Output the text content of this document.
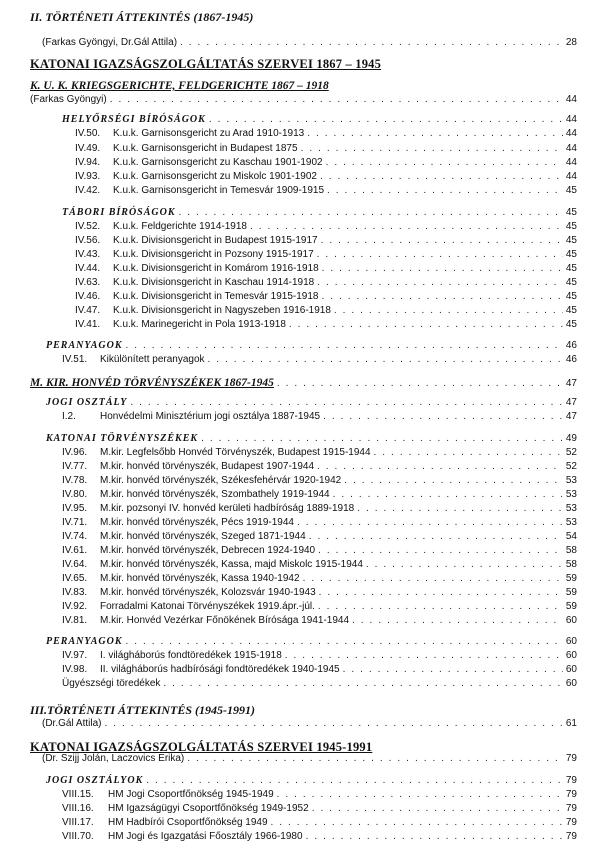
II. TÖRTÉNETI ÁTTEKINTÉS (1867-1945)
(Farkas Gyöngyi, Dr.Gál Attila) . . .	28
KATONAI IGAZSÁGSZOLGÁLTATÁS SZERVEI 1867 – 1945
K. U. K. KRIEGSGERICHTE, FELDGERICHTE 1867 – 1918
(Farkas Gyöngyi) . . .	44
HELYŐRSÉGI BÍRÓSÁGOK . . .	44
IV.50. K.u.k. Garnisonsgericht zu Arad 1910-1913 . . .	44
IV.49. K.u.k. Garnisonsgericht in Budapest 1875 . . .	44
IV.94. K.u.k. Garnisonsgericht zu Kaschau 1901-1902 . . .	44
IV.93. K.u.k. Garnisonsgericht zu Miskolc 1901-1902 . . .	44
IV.42. K.u.k. Garnisonsgericht in Temesvár 1909-1915 . . .	45
TÁBORI BÍRÓSÁGOK . . .	45
IV.52. K.u.k. Feldgerichte 1914-1918 . . .	45
IV.56. K.u.k. Divisionsgericht in Budapest 1915-1917 . . .	45
IV.43. K.u.k. Divisionsgericht in Pozsony 1915-1917 . . .	45
IV.44. K.u.k. Divisionsgericht in Komárom 1916-1918 . . .	45
IV.63. K.u.k. Divisionsgericht in Kaschau 1914-1918 . . .	45
IV.46. K.u.k. Divisionsgericht in Temesvár 1915-1918 . . .	45
IV.47. K.u.k. Divisionsgericht in Nagyszeben 1916-1918 . . .	45
IV.41. K.u.k. Marinegericht in Pola 1913-1918 . . .	45
PERANYAGOK . . .	46
IV.51. Kikülönített peranyagok . . .	46
M. KIR. HONVÉD TÖRVÉNYSZÉKEK 1867-1945 . . .	47
JOGI OSZTÁLY . . .	47
I.2. Honvédelmi Minisztérium jogi osztálya 1887-1945 . . .	47
KATONAI TÖRVÉNYSZÉKEK . . .	49
IV.96. M.kir. Legfelsőbb Honvéd Törvényszék, Budapest 1915-1944 . . .	52
IV.77. M.kir. honvéd törvényszék, Budapest 1907-1944 . . .	52
IV.78. M.kir. honvéd törvényszék, Székesfehérvár 1920-1942 . . .	53
IV.80. M.kir. honvéd törvényszék, Szombathely 1919-1944 . . .	53
IV.95. M.kir. pozsonyi IV. honvéd kerületi hadbíróság 1889-1918 . . .	53
IV.71. M.kir. honvéd törvényszék, Pécs 1919-1944 . . .	53
IV.74. M.kir. honvéd törvényszék, Szeged 1871-1944 . . .	54
IV.61. M.kir. honvéd törvényszék, Debrecen 1924-1940 . . .	58
IV.64. M.kir. honvéd törvényszék, Kassa, majd Miskolc 1915-1944 . . .	58
IV.65. M.kir. honvéd törvényszék, Kassa 1940-1942 . . .	59
IV.83. M.kir. honvéd törvényszék, Kolozsvár 1940-1943 . . .	59
IV.92. Forradalmi Katonai Törvényszékek 1919.ápr.-júl. . . .	59
IV.81. M.kir. Honvéd Vezérkar Főnökének Bírósága 1941-1944 . . .	60
PERANYAGOK . . .	60
IV.97. I. világháborús fondtöredékek 1915-1918 . . .	60
IV.98. II. világháborús hadbírósági fondtöredékek 1940-1945 . . .	60
Ügyészségi töredékek . . .	60
III.TÖRTÉNETI ÁTTEKINTÉS (1945-1991)
(Dr.Gál Attila) . . .	61
KATONAI IGAZSÁGSZOLGÁLTATÁS SZERVEI 1945-1991
(Dr. Szijj Jolán, Laczovics Erika) . . .	79
JOGI OSZTÁLYOK . . .	79
VIII.15. HM Jogi Csoportfőnökség 1945-1949 . . .	79
VIII.16. HM Igazságügyi Csoportfőnökség 1949-1952 . . .	79
VIII.17. HM Hadbírói Csoportfőnökség 1949 . . .	79
VIII.70. HM Jogi és Igazgatási Főosztály 1966-1980 . . .	79
